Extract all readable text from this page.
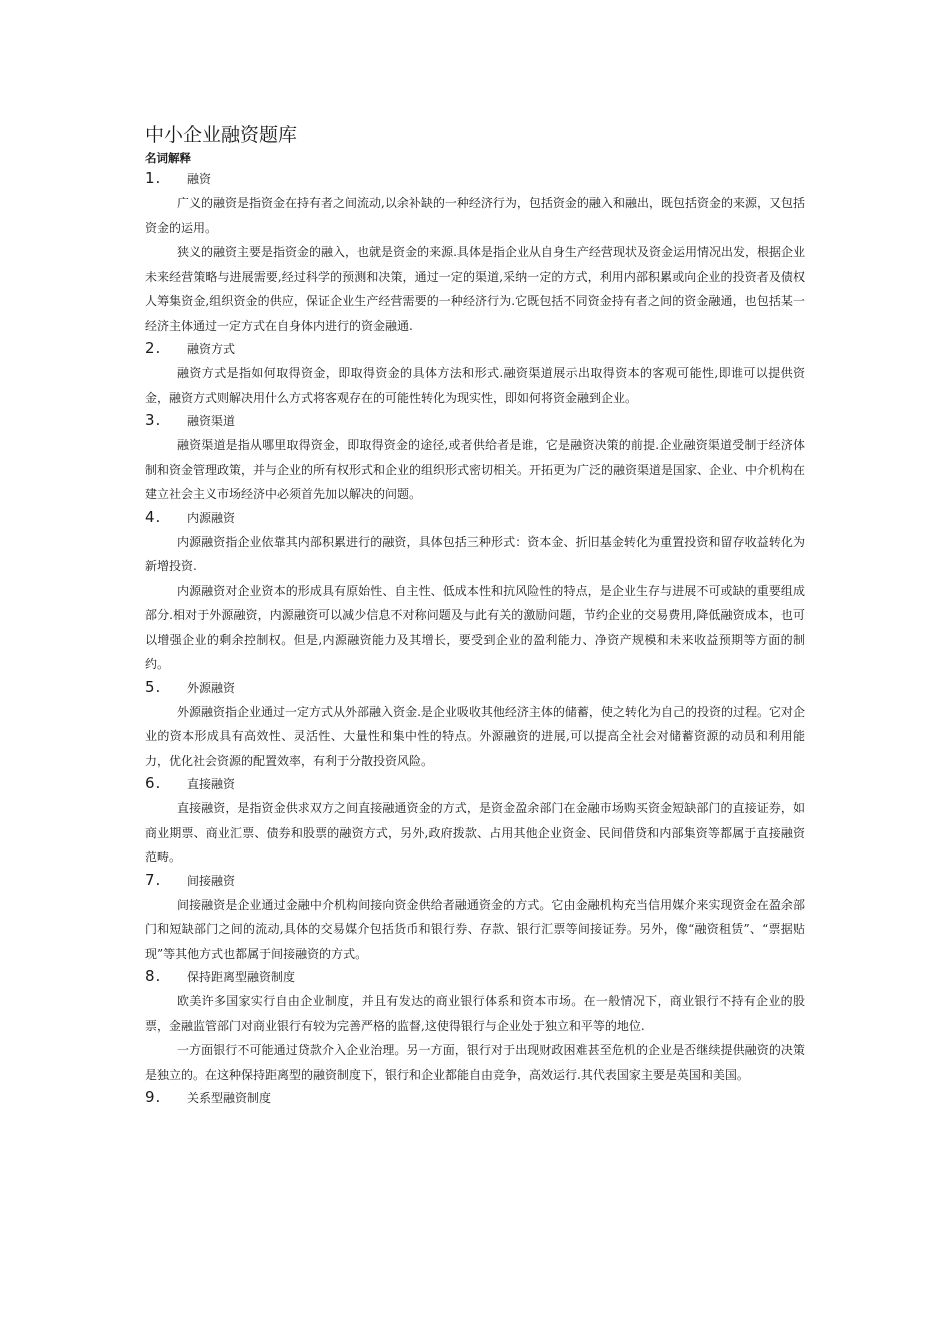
中小企业融资题库
名词解释
1.	融资

广义的融资是指资金在持有者之间流动,以余补缺的一种经济行为，包括资金的融入和融出，既包括资金的来源，又包括资金的运用。

狭义的融资主要是指资金的融入，也就是资金的来源.具体是指企业从自身生产经营现状及资金运用情况出发，根据企业未来经营策略与进展需要,经过科学的预测和决策，通过一定的渠道,采纳一定的方式，利用内部积累或向企业的投资者及债权人筹集资金,组织资金的供应，保证企业生产经营需要的一种经济行为.它既包括不同资金持有者之间的资金融通，也包括某一经济主体通过一定方式在自身体内进行的资金融通.

2.	融资方式

融资方式是指如何取得资金，即取得资金的具体方法和形式.融资渠道展示出取得资本的客观可能性,即谁可以提供资金，融资方式则解决用什么方式将客观存在的可能性转化为现实性，即如何将资金融到企业。

3.	融资渠道

融资渠道是指从哪里取得资金，即取得资金的途径,或者供给者是谁，它是融资决策的前提.企业融资渠道受制于经济体制和资金管理政策，并与企业的所有权形式和企业的组织形式密切相关。开拓更为广泛的融资渠道是国家、企业、中介机构在建立社会主义市场经济中必须首先加以解决的问题。

4.	内源融资

内源融资指企业依靠其内部积累进行的融资，具体包括三种形式：资本金、折旧基金转化为重置投资和留存收益转化为新增投资.

内源融资对企业资本的形成具有原始性、自主性、低成本性和抗风险性的特点，是企业生存与进展不可或缺的重要组成部分.相对于外源融资，内源融资可以减少信息不对称问题及与此有关的激励问题，节约企业的交易费用,降低融资成本，也可以增强企业的剩余控制权。但是,内源融资能力及其增长，要受到企业的盈利能力、净资产规模和未来收益预期等方面的制约。

5.	外源融资

外源融资指企业通过一定方式从外部融入资金.是企业吸收其他经济主体的储蓄，使之转化为自己的投资的过程。它对企业的资本形成具有高效性、灵活性、大量性和集中性的特点。外源融资的进展,可以提高全社会对储蓄资源的动员和利用能力，优化社会资源的配置效率，有利于分散投资风险。

6.	直接融资

直接融资，是指资金供求双方之间直接融通资金的方式，是资金盈余部门在金融市场购买资金短缺部门的直接证券，如商业期票、商业汇票、债券和股票的融资方式，另外,政府拨款、占用其他企业资金、民间借贷和内部集资等都属于直接融资范畴。

7.	间接融资

间接融资是企业通过金融中介机构间接向资金供给者融通资金的方式。它由金融机构充当信用媒介来实现资金在盈余部门和短缺部门之间的流动,具体的交易媒介包括货币和银行券、存款、银行汇票等间接证券。另外，像“融资租赁”、“票据贴现”等其他方式也都属于间接融资的方式。

8.	保持距离型融资制度

欧美许多国家实行自由企业制度，并且有发达的商业银行体系和资本市场。在一般情况下，商业银行不持有企业的股票，金融监管部门对商业银行有较为完善严格的监督,这使得银行与企业处于独立和平等的地位.

一方面银行不可能通过贷款介入企业治理。另一方面，银行对于出现财政困难甚至危机的企业是否继续提供融资的决策是独立的。在这种保持距离型的融资制度下，银行和企业都能自由竞争，高效运行.其代表国家主要是英国和美国。

9.	关系型融资制度
